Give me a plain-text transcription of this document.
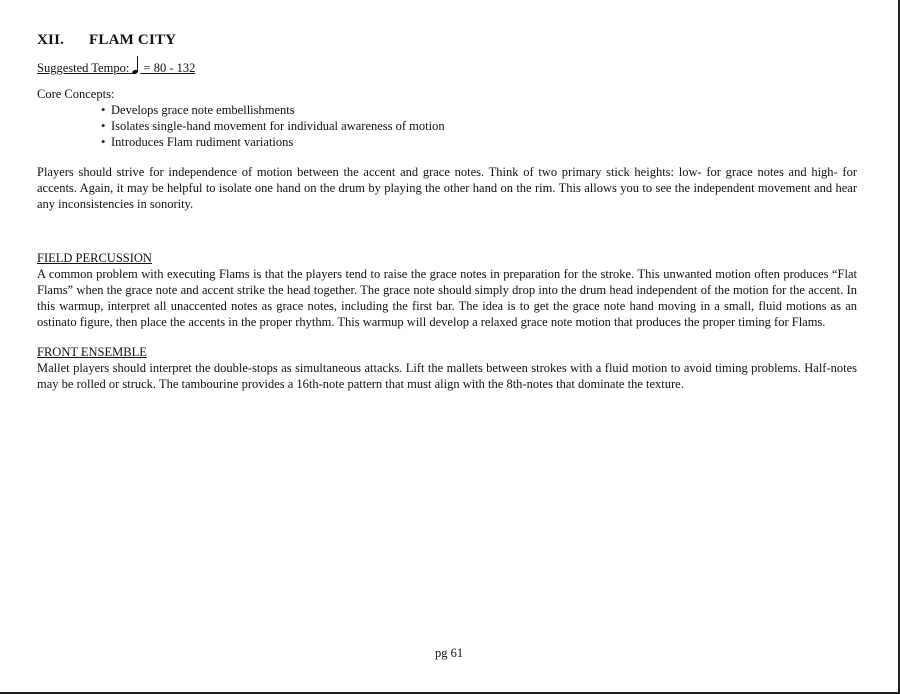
XII. FLAM CITY
Suggested Tempo: = 80 - 132

Core Concepts:

• Develops grace note embellishments
• Isolates single-hand movement for individual awareness of motion
• Introduces Flam rudiment variations

Players should strive for independence of motion between the accent and grace notes. Think of two primary stick heights: low- for grace notes and high- for accents. Again, it may be helpful to isolate one hand on the drum by playing the other hand on the rim. This allows you to see the independent movement and hear any inconsistencies in sonority.

FIELD PERCUSSION

A common problem with executing Flams is that the players tend to raise the grace notes in preparation for the stroke. This unwanted motion often produces “Flat Flams” when the grace note and accent strike the head together. The grace note should simply drop into the drum head independent of the motion for the accent. In this warmup, interpret all unaccented notes as grace notes, including the first bar. The idea is to get the grace note hand moving in a small, fluid motions as an ostinato figure, then place the accents in the proper rhythm. This warmup will develop a relaxed grace note motion that produces the proper timing for Flams.

FRONT ENSEMBLE

Mallet players should interpret the double-stops as simultaneous attacks. Lift the mallets between strokes with a fluid motion to avoid timing problems. Half-notes may be rolled or struck. The tambourine provides a 16th-note pattern that must align with the 8th-notes that dominate the texture.

pg 61
